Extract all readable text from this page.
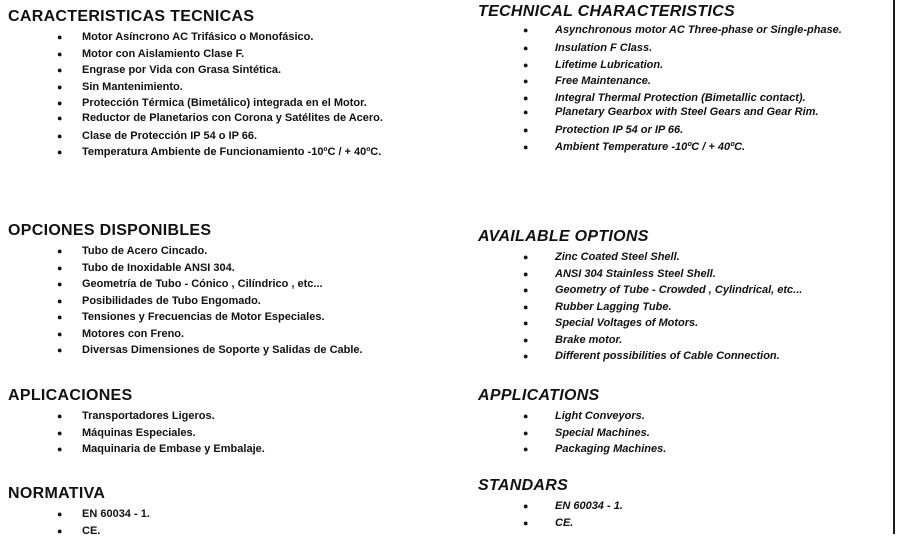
CARACTERISTICAS TECNICAS
● Motor Asíncrono AC Trifásico o Monofásico.
● Motor con Aislamiento Clase F.
● Engrase por Vida con Grasa Sintética.
● Sin Mantenimiento.
● Protección Térmica (Bimetálico) integrada en el Motor.
● Reductor de Planetarios con Corona y Satélites de Acero.
● Clase de Protección IP 54 o IP 66.
● Temperatura Ambiente de Funcionamiento -10ºC / + 40ºC.
OPCIONES DISPONIBLES
● Tubo de Acero Cincado.
● Tubo de Inoxidable ANSI 304.
● Geometría de Tubo - Cónico , Cilíndrico , etc...
● Posibilidades de Tubo Engomado.
● Tensiones y Frecuencias de Motor Especiales.
● Motores con Freno.
● Diversas Dimensiones de Soporte y Salidas de Cable.
APLICACIONES
● Transportadores Ligeros.
● Máquinas Especiales.
● Maquinaria de Embase y Embalaje.
NORMATIVA
● EN 60034 - 1.
● CE.
TECHNICAL CHARACTERISTICS
● Asynchronous motor AC Three-phase or Single-phase.
● Insulation F Class.
● Lifetime Lubrication.
● Free Maintenance.
● Integral Thermal Protection (Bimetallic contact).
● Planetary Gearbox with Steel Gears and Gear Rim.
● Protection IP 54 or IP 66.
● Ambient Temperature -10ºC / + 40ºC.
AVAILABLE OPTIONS
● Zinc Coated Steel Shell.
● ANSI 304 Stainless Steel Shell.
● Geometry of Tube - Crowded , Cylindrical, etc...
● Rubber Lagging Tube.
● Special Voltages of Motors.
● Brake motor.
● Different possibilities of Cable Connection.
APPLICATIONS
● Light Conveyors.
● Special Machines.
● Packaging Machines.
STANDARS
● EN 60034 - 1.
● CE.
